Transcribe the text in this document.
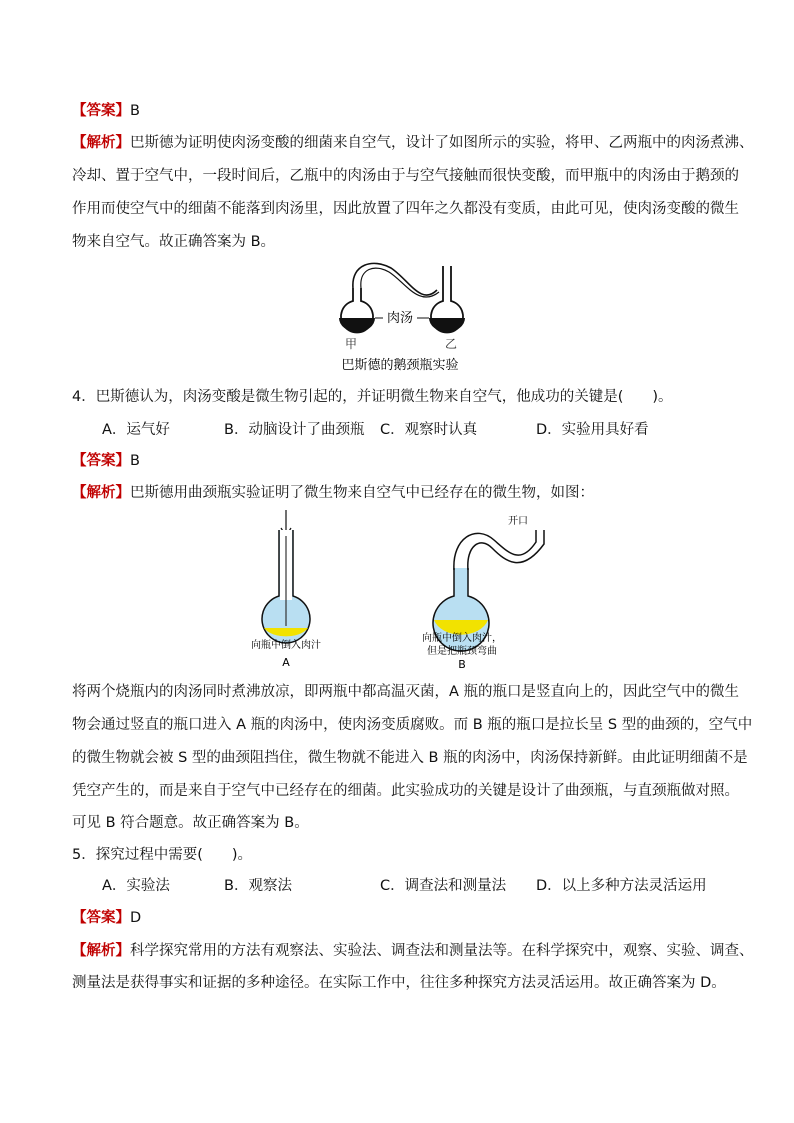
【答案】B
【解析】巴斯德为证明使肉汤变酸的细菌来自空气，设计了如图所示的实验，将甲、乙两瓶中的肉汤煮沸、
冷却、置于空气中，一段时间后，乙瓶中的肉汤由于与空气接触而很快变酸，而甲瓶中的肉汤由于鹅颈的
作用而使空气中的细菌不能落到肉汤里，因此放置了四年之久都没有变质，由此可见，使肉汤变酸的微生
物来自空气。故正确答案为 B。
肉汤
甲	乙
巴斯德的鹅颈瓶实验
4．巴斯德认为，肉汤变酸是微生物引起的，并证明微生物来自空气，他成功的关键是(　　)。
A．运气好	B．动脑设计了曲颈瓶 C．观察时认真	D．实验用具好看
【答案】B
【解析】巴斯德用曲颈瓶实验证明了微生物来自空气中已经存在的微生物，如图：
向瓶中倒入肉汁
A
开口
向瓶中倒入肉汁，
但是把瓶颈弯曲
B
将两个烧瓶内的肉汤同时煮沸放凉，即两瓶中都高温灭菌，A 瓶的瓶口是竖直向上的，因此空气中的微生
物会通过竖直的瓶口进入 A 瓶的肉汤中，使肉汤变质腐败。而 B 瓶的瓶口是拉长呈 S 型的曲颈的，空气中
的微生物就会被 S 型的曲颈阻挡住，微生物就不能进入 B 瓶的肉汤中，肉汤保持新鲜。由此证明细菌不是
凭空产生的，而是来自于空气中已经存在的细菌。此实验成功的关键是设计了曲颈瓶，与直颈瓶做对照。
可见 B 符合题意。故正确答案为 B。
5．探究过程中需要(　　)。
A．实验法	B．观察法	C．调查法和测量法 D．以上多种方法灵活运用
【答案】D
【解析】科学探究常用的方法有观察法、实验法、调查法和测量法等。在科学探究中，观察、实验、调查、
测量法是获得事实和证据的多种途径。在实际工作中，往往多种探究方法灵活运用。故正确答案为 D。
